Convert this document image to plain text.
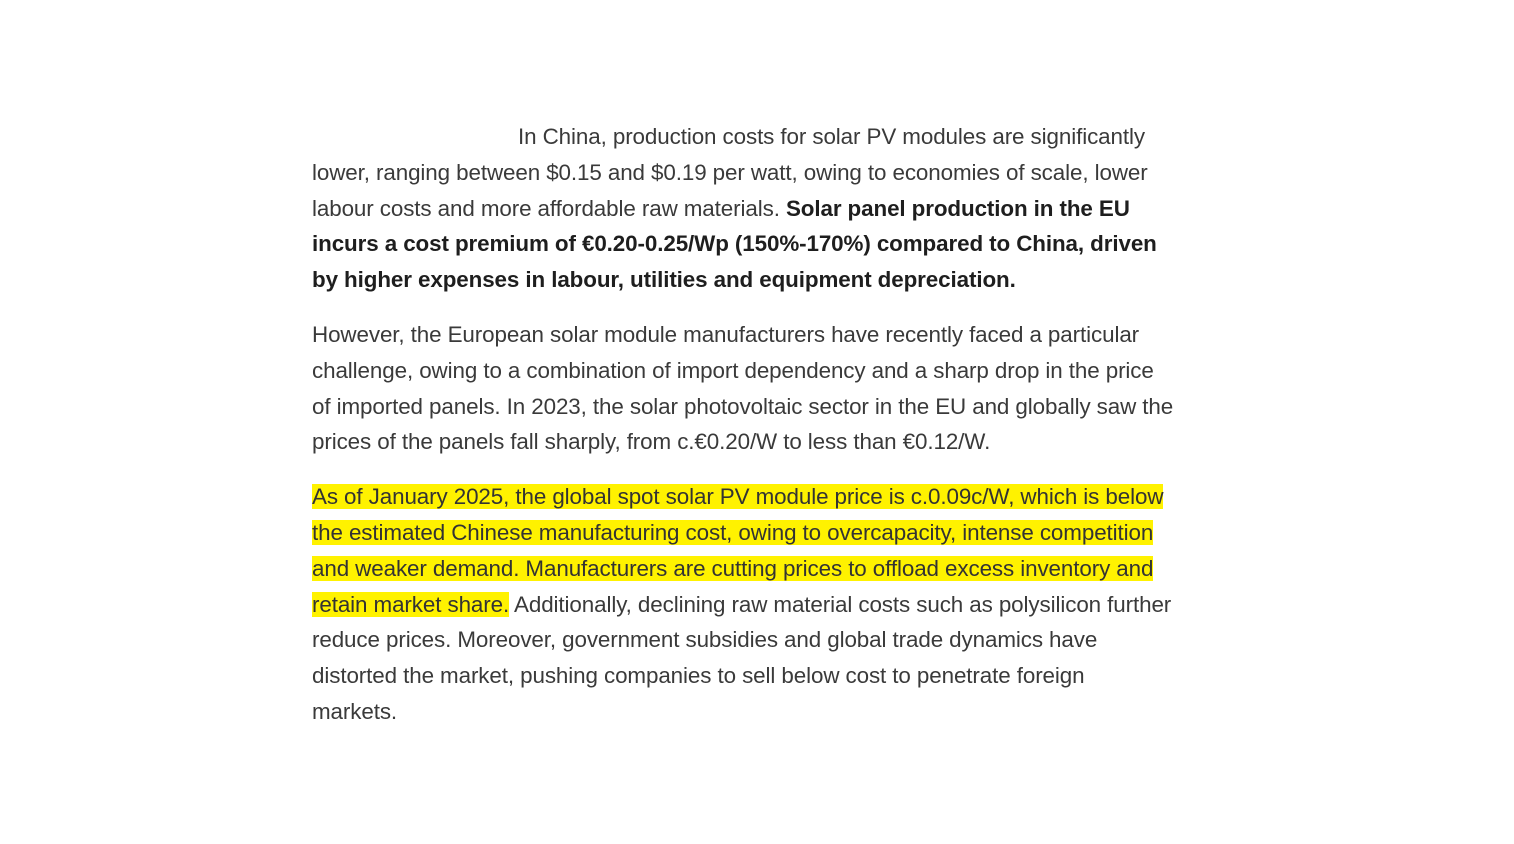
In China, production costs for solar PV modules are significantly
lower, ranging between $0.15 and $0.19 per watt, owing to economies of scale, lower
labour costs and more affordable raw materials. Solar panel production in the EU
incurs a cost premium of €0.20-0.25/Wp (150%-170%) compared to China, driven
by higher expenses in labour, utilities and equipment depreciation.
However, the European solar module manufacturers have recently faced a particular
challenge, owing to a combination of import dependency and a sharp drop in the price
of imported panels. In 2023, the solar photovoltaic sector in the EU and globally saw the
prices of the panels fall sharply, from c.€0.20/W to less than €0.12/W.
As of January 2025, the global spot solar PV module price is c.0.09c/W, which is below
the estimated Chinese manufacturing cost, owing to overcapacity, intense competition
and weaker demand. Manufacturers are cutting prices to offload excess inventory and
retain market share. Additionally, declining raw material costs such as polysilicon further
reduce prices. Moreover, government subsidies and global trade dynamics have
distorted the market, pushing companies to sell below cost to penetrate foreign
markets.
